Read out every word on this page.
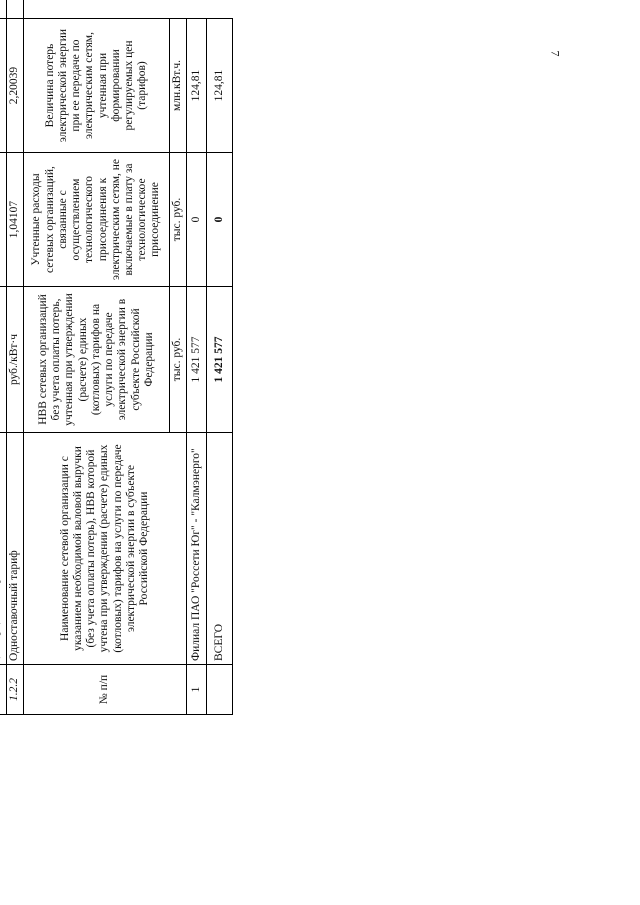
7

1.2.2	Одноставочный тариф	руб./кВт·ч	1,04107	2,20039	
№ п/п	Наименование сетевой организации с указанием необходимой валовой выручки (без учета оплаты потерь), НВВ которой учтена при утверждении (расчете) единых (котловых) тарифов на услуги по передаче электрической энергии в субъекте Российской Федерации	НВВ сетевых организаций без учета оплаты потерь, учтенная при утверждении (расчете) единых (котловых) тарифов на услуги по передаче электрической энергии в субъекте Российской Федерации	Учтенные расходы сетевых организаций, связанные с осуществлением технологического присоединения к электрическим сетям, не включаемые в плату за технологическое присоединение	Величина потерь электрической энергии при ее передаче по электрическим сетям, учтенная при формировании регулируемых цен (тарифов)	
		тыс. руб.	тыс. руб.	млн.кВт.ч.	
1	Филиал ПАО "Россети Юг" - "Калмэнерго"	1 421 577	0	124,81	
	ВСЕГО	1 421 577	0	124,81	
